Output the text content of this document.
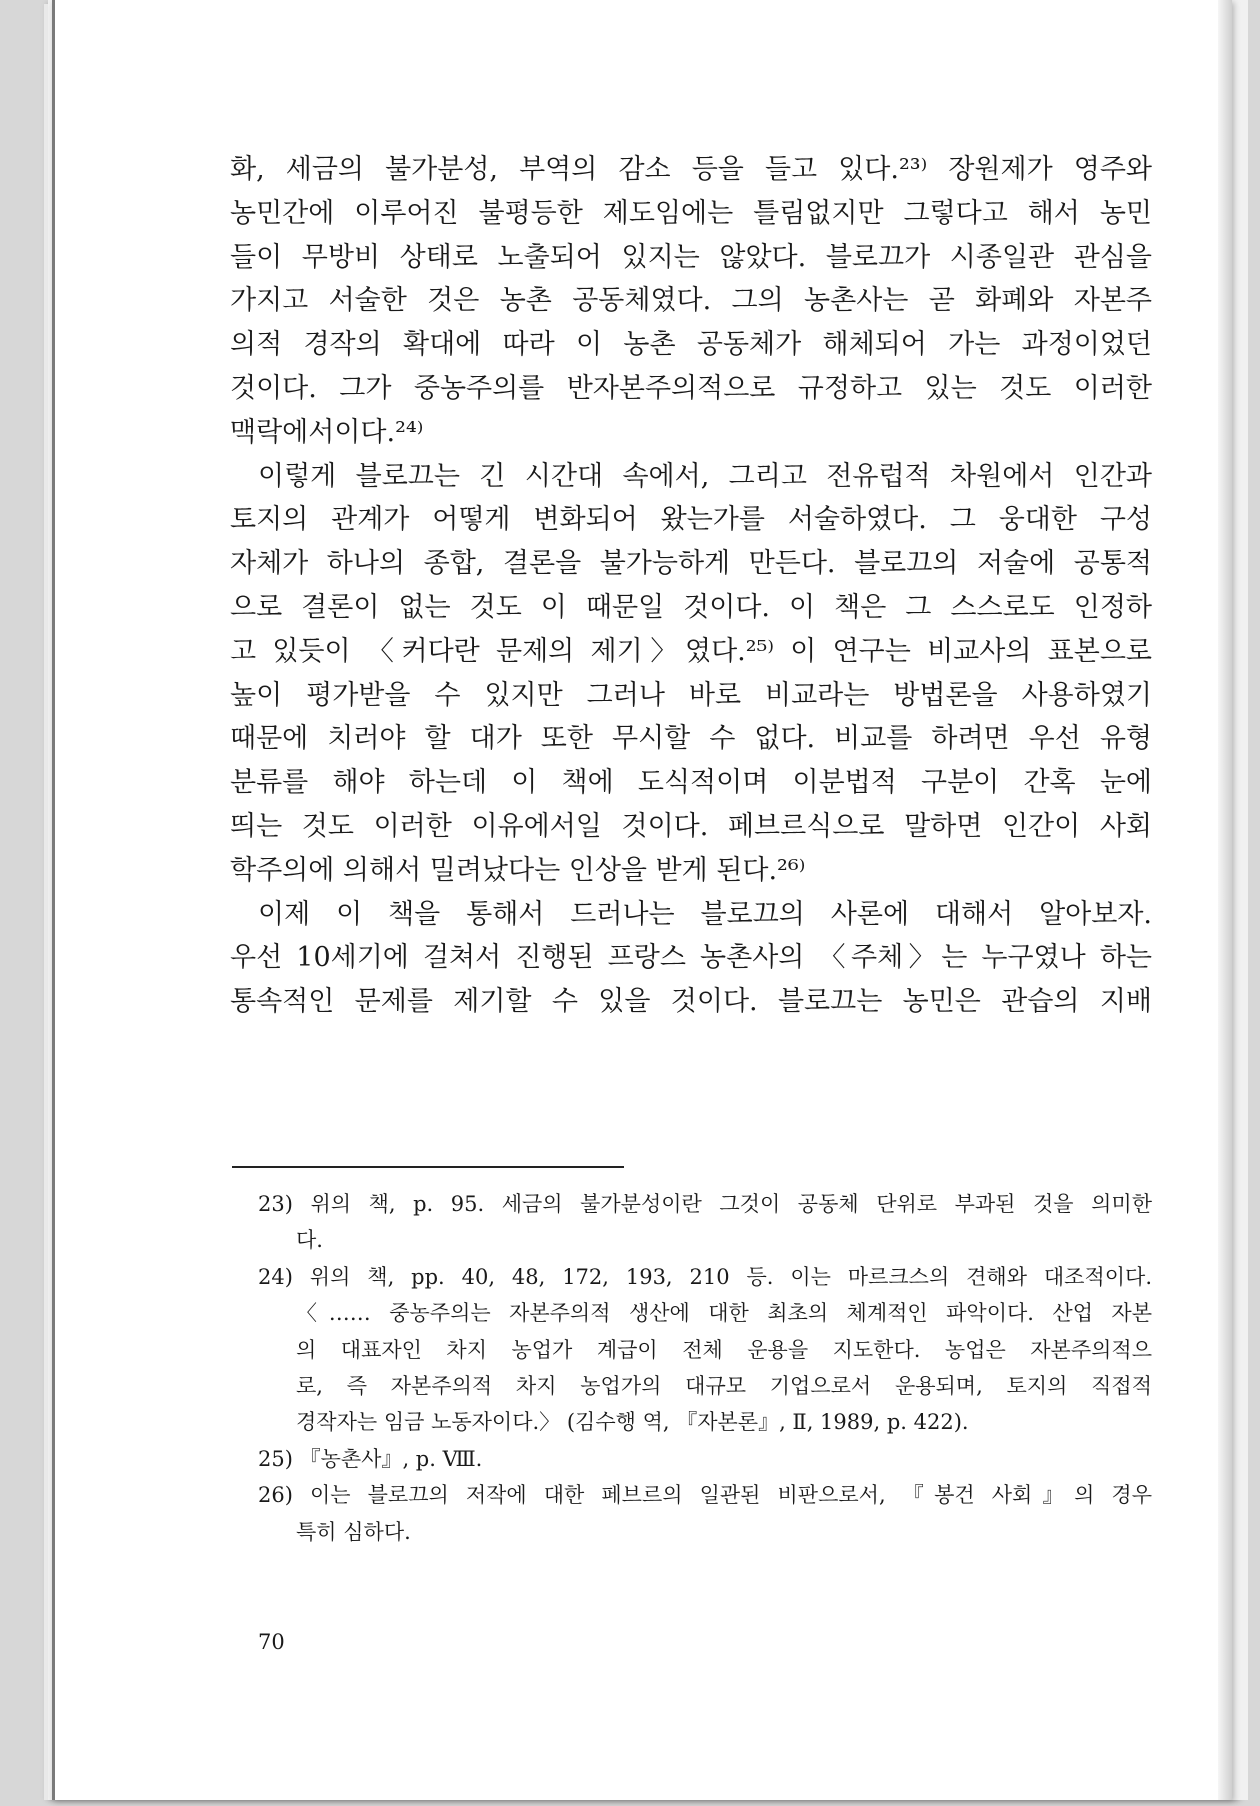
화, 세금의 불가분성, 부역의 감소 등을 들고 있다.²³⁾ 장원제가 영주와
농민간에 이루어진 불평등한 제도임에는 틀림없지만 그렇다고 해서 농민
들이 무방비 상태로 노출되어 있지는 않았다. 블로끄가 시종일관 관심을
가지고 서술한 것은 농촌 공동체였다. 그의 농촌사는 곧 화폐와 자본주
의적 경작의 확대에 따라 이 농촌 공동체가 해체되어 가는 과정이었던
것이다. 그가 중농주의를 반자본주의적으로 규정하고 있는 것도 이러한
맥락에서이다.²⁴⁾
이렇게 블로끄는 긴 시간대 속에서, 그리고 전유럽적 차원에서 인간과
토지의 관계가 어떻게 변화되어 왔는가를 서술하였다. 그 웅대한 구성
자체가 하나의 종합, 결론을 불가능하게 만든다. 블로끄의 저술에 공통적
으로 결론이 없는 것도 이 때문일 것이다. 이 책은 그 스스로도 인정하
고 있듯이 〈커다란 문제의 제기〉였다.²⁵⁾ 이 연구는 비교사의 표본으로
높이 평가받을 수 있지만 그러나 바로 비교라는 방법론을 사용하였기
때문에 치러야 할 대가 또한 무시할 수 없다. 비교를 하려면 우선 유형
분류를 해야 하는데 이 책에 도식적이며 이분법적 구분이 간혹 눈에
띄는 것도 이러한 이유에서일 것이다. 페브르식으로 말하면 인간이 사회
학주의에 의해서 밀려났다는 인상을 받게 된다.²⁶⁾
이제 이 책을 통해서 드러나는 블로끄의 사론에 대해서 알아보자.
우선 10세기에 걸쳐서 진행된 프랑스 농촌사의 〈주체〉는 누구였나 하는
통속적인 문제를 제기할 수 있을 것이다. 블로끄는 농민은 관습의 지배
23) 위의 책, p. 95. 세금의 불가분성이란 그것이 공동체 단위로 부과된 것을 의미한
다.
24) 위의 책, pp. 40, 48, 172, 193, 210 등. 이는 마르크스의 견해와 대조적이다.
〈…… 중농주의는 자본주의적 생산에 대한 최초의 체계적인 파악이다. 산업 자본
의 대표자인 차지 농업가 계급이 전체 운용을 지도한다. 농업은 자본주의적으
로, 즉 자본주의적 차지 농업가의 대규모 기업으로서 운용되며, 토지의 직접적
경작자는 임금 노동자이다.〉 (김수행 역, 『자본론』, Ⅱ, 1989, p. 422).
25) 『농촌사』, p. Ⅷ.
26) 이는 블로끄의 저작에 대한 페브르의 일관된 비판으로서, 『봉건 사회』의 경우
특히 심하다.
70
